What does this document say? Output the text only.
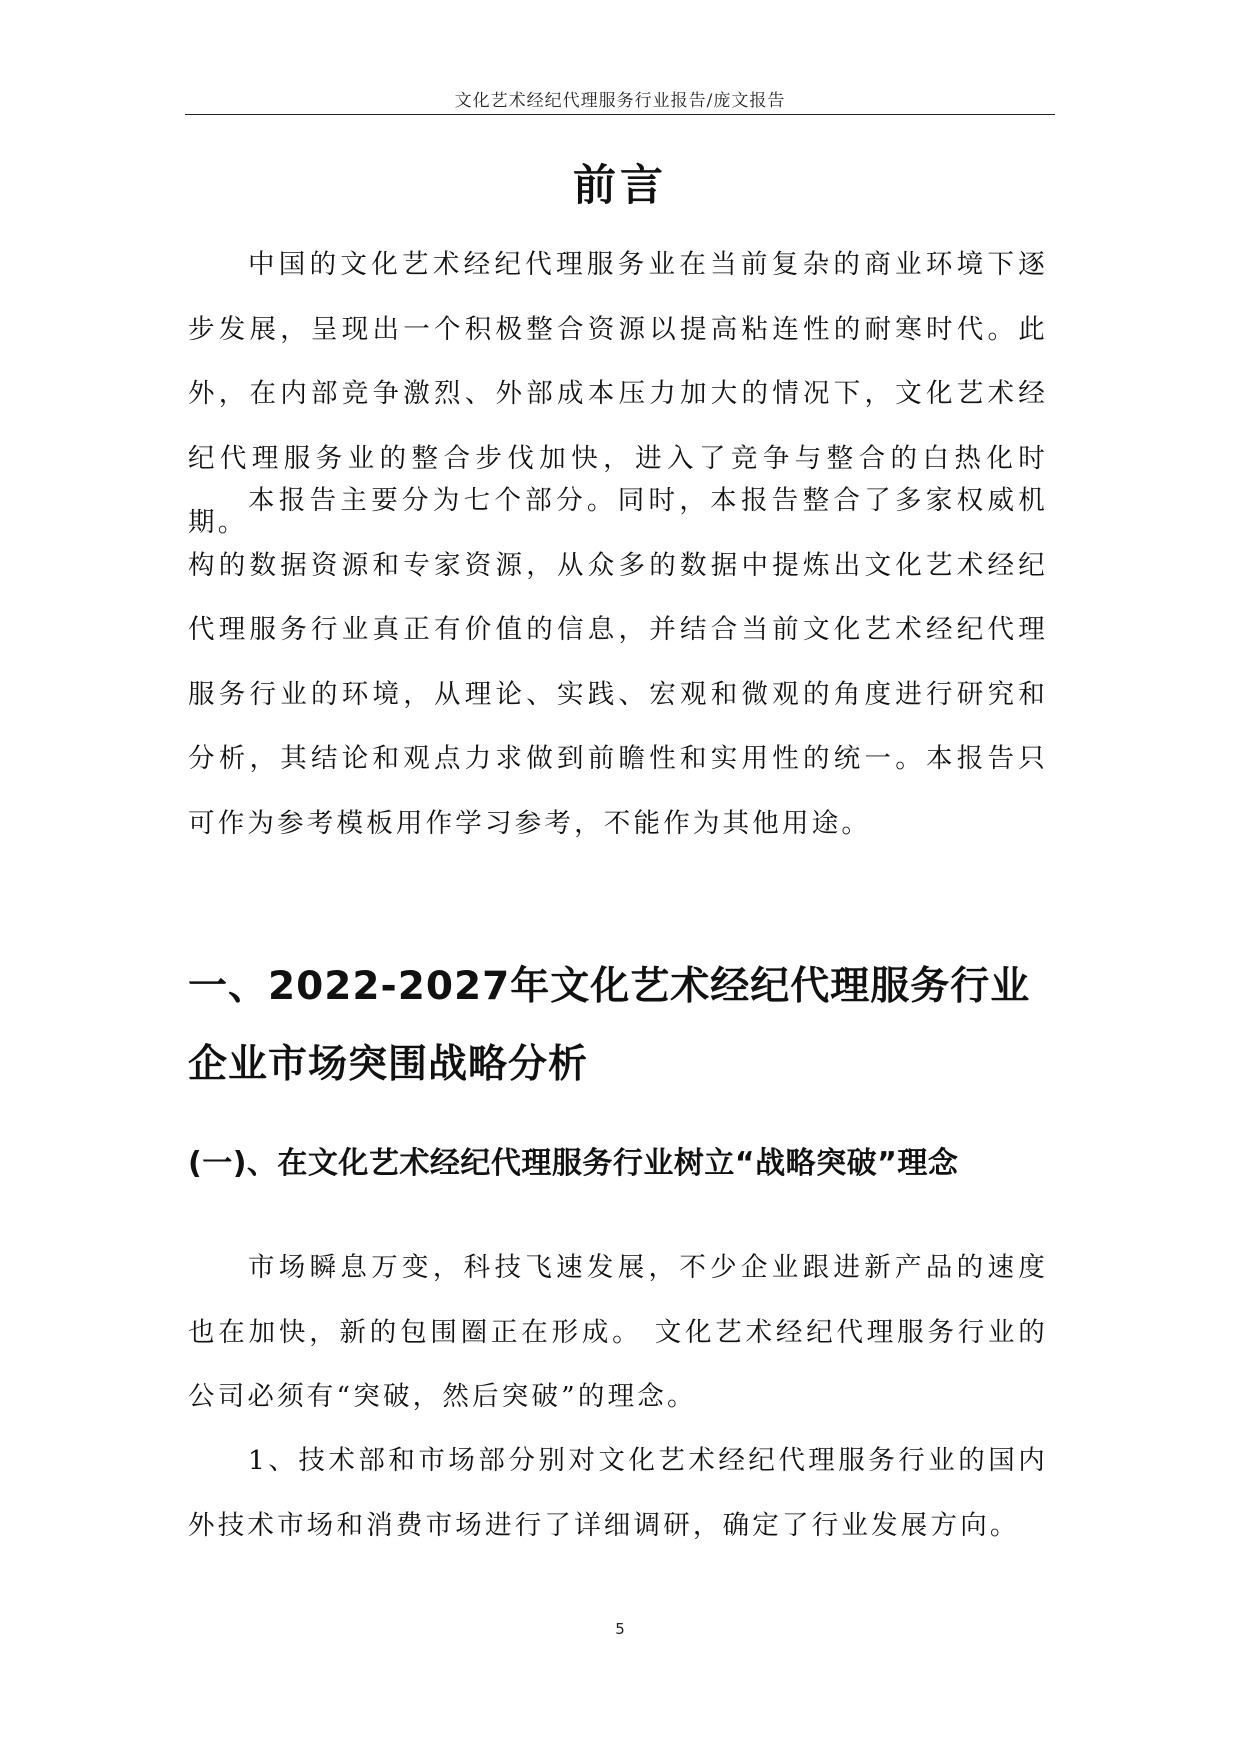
文化艺术经纪代理服务行业报告/庞文报告
前言

中国的文化艺术经纪代理服务业在当前复杂的商业环境下逐步发展，呈现出一个积极整合资源以提高粘连性的耐寒时代。此外，在内部竞争激烈、外部成本压力加大的情况下，文化艺术经纪代理服务业的整合步伐加快，进入了竞争与整合的白热化时期。

本报告主要分为七个部分。同时，本报告整合了多家权威机构的数据资源和专家资源，从众多的数据中提炼出文化艺术经纪代理服务行业真正有价值的信息，并结合当前文化艺术经纪代理服务行业的环境，从理论、实践、宏观和微观的角度进行研究和分析，其结论和观点力求做到前瞻性和实用性的统一。本报告只可作为参考模板用作学习参考，不能作为其他用途。

一、2022-2027年文化艺术经纪代理服务行业企业市场突围战略分析
(一)、在文化艺术经纪代理服务行业树立“战略突破”理念

市场瞬息万变，科技飞速发展，不少企业跟进新产品的速度也在加快，新的包围圈正在形成。 文化艺术经纪代理服务行业的公司必须有“突破，然后突破”的理念。

1、技术部和市场部分别对文化艺术经纪代理服务行业的国内外技术市场和消费市场进行了详细调研，确定了行业发展方向。

5
